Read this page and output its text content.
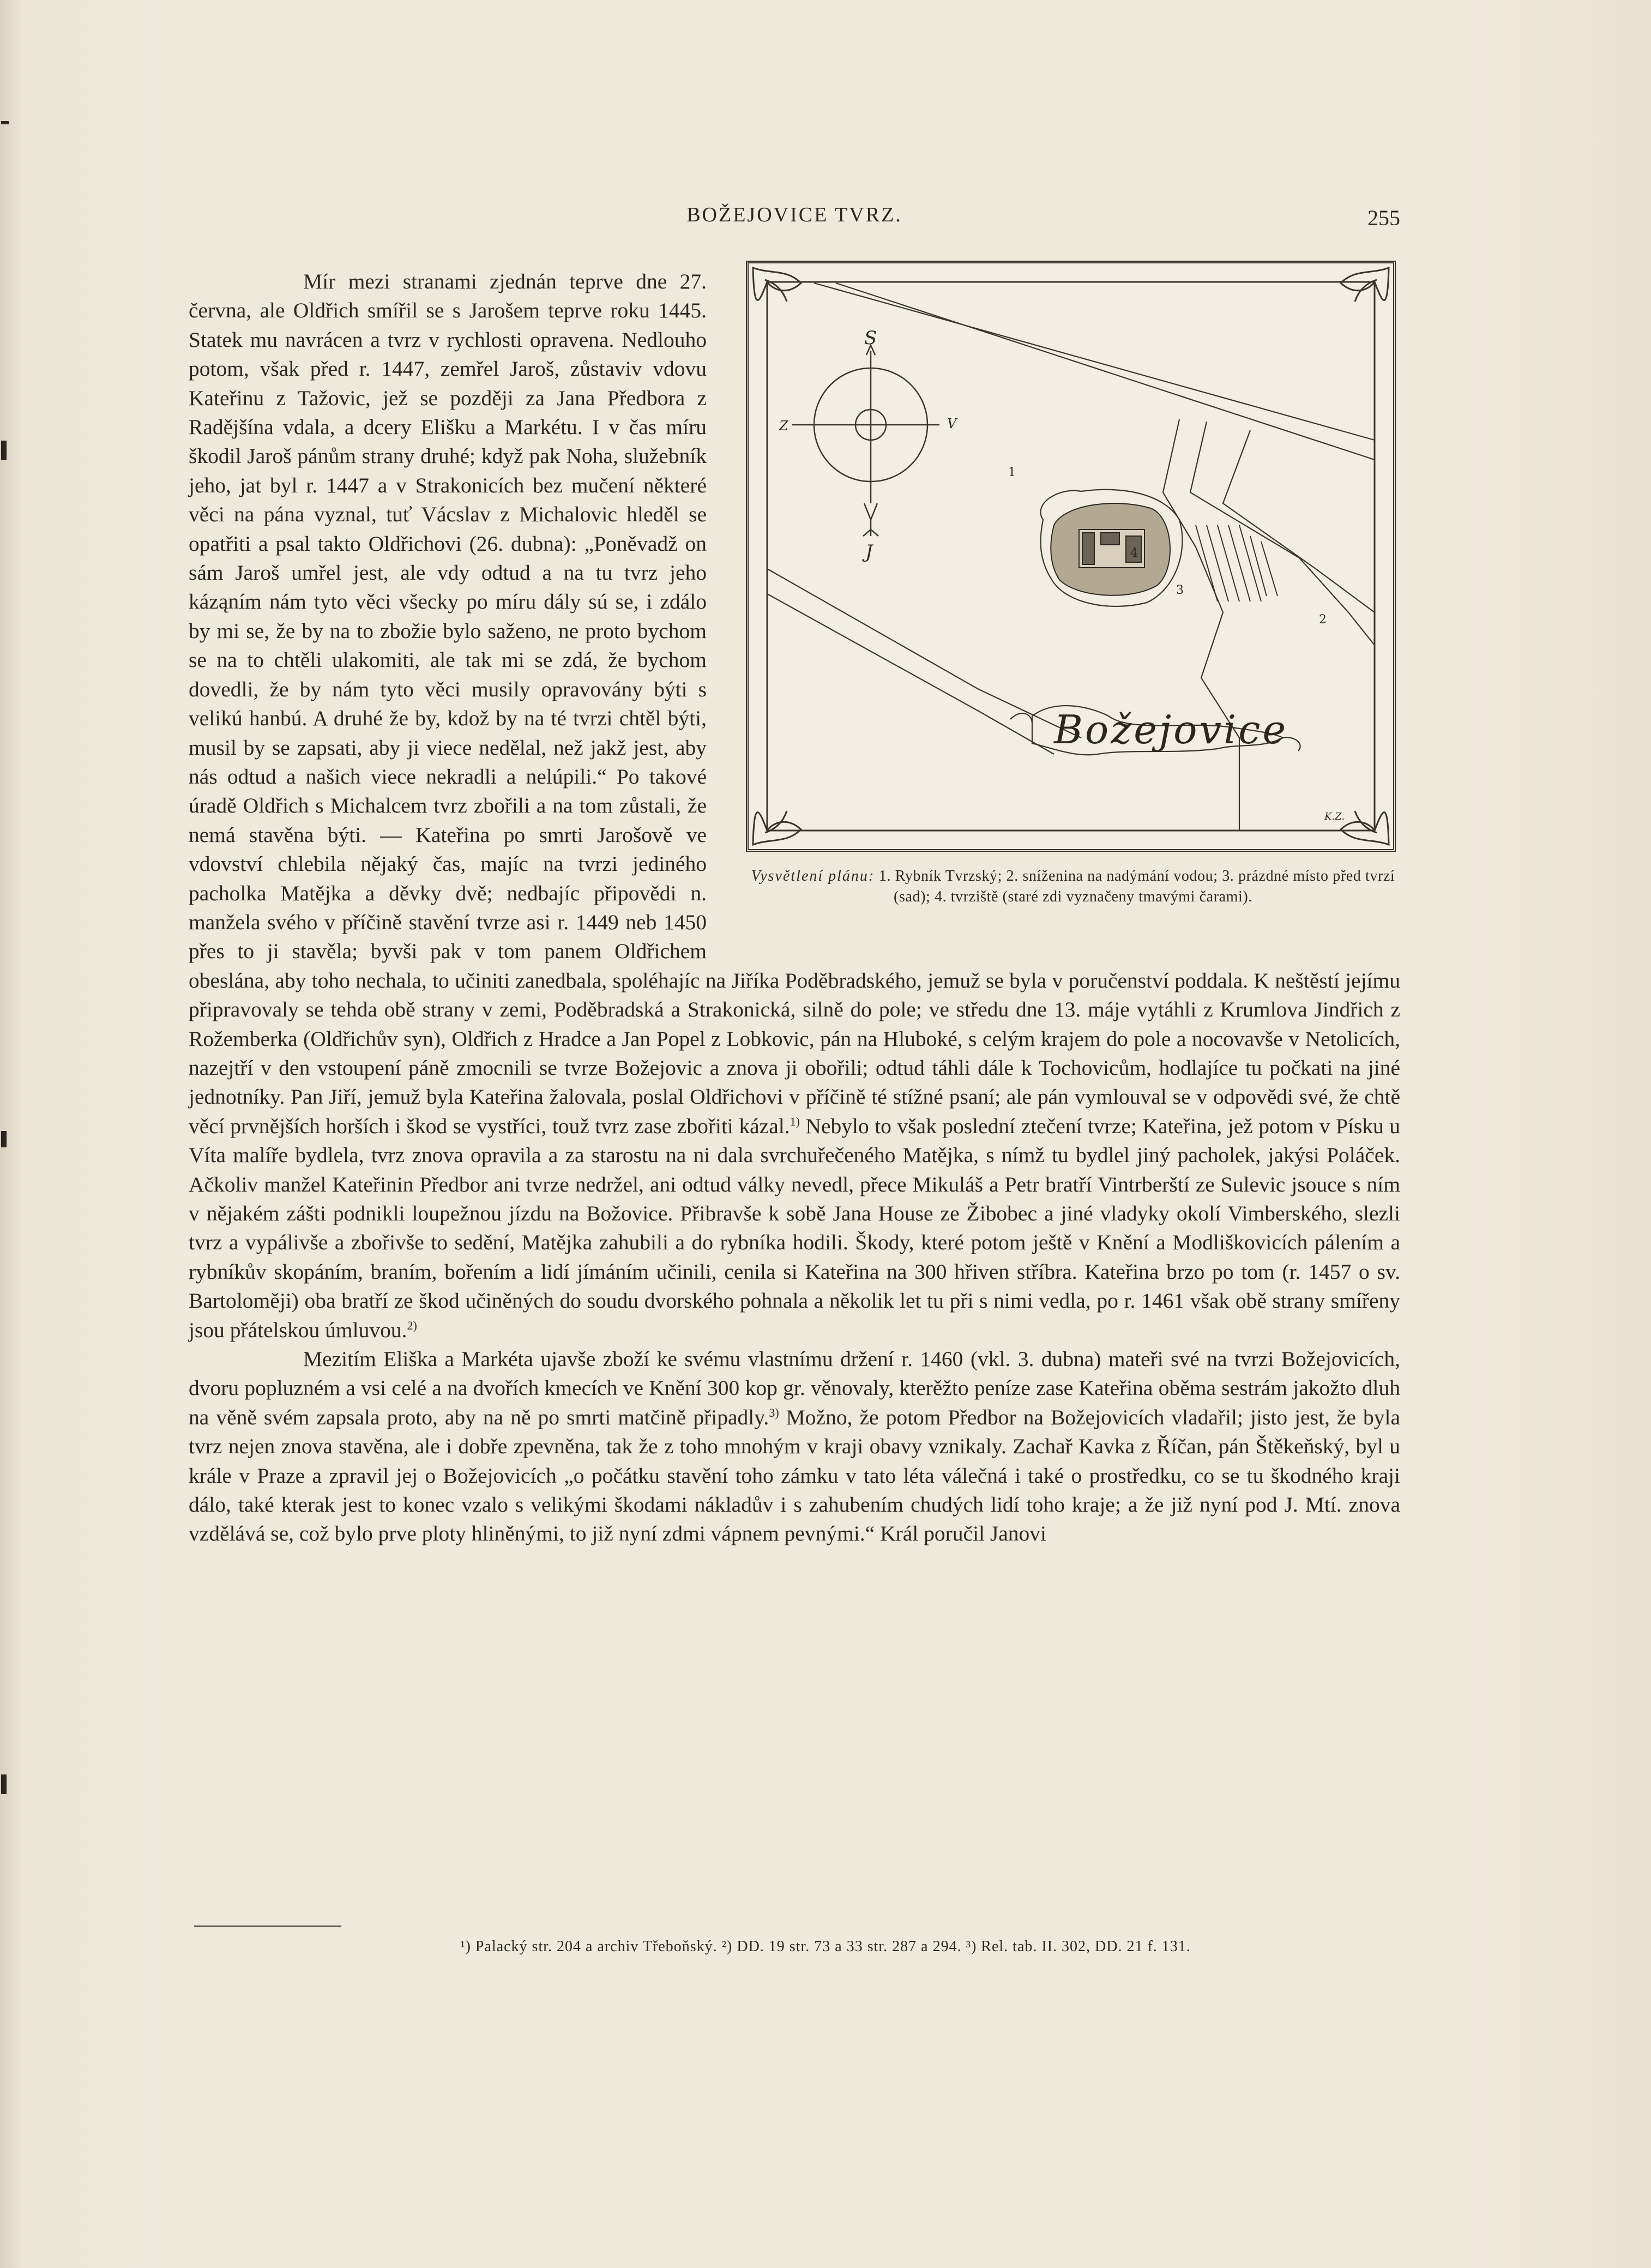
BOŽEJOVICE TVRZ.	255
S
J
Z	V
1
2
3
4
Božejovice
K.Z.
Vysvětlení plánu: 1. Rybník Tvrzský; 2. sníženina na nadýmání vodou; 3. prázdné místo před tvrzí (sad); 4. tvrziště (staré zdi vyznačeny tmavými čarami).

Mír mezi stranami zjednán teprve dne 27. června, ale Oldřich smířil se s Jarošem teprve roku 1445. Statek mu navrácen a tvrz v rychlosti opravena. Nedlouho potom, však před r. 1447, zemřel Jaroš, zůstaviv vdovu Kateřinu z Tažovic, jež se později za Jana Předbora z Radějšína vdala, a dcery Elišku a Markétu. I v čas míru škodil Jaroš pánům strany druhé; když pak Noha, služebník jeho, jat byl r. 1447 a v Strakonicích bez mučení některé věci na pána vyznal, tuť Vácslav z Michalovic hleděl se opatřiti a psal takto Oldřichovi (26. dubna): „Poněvadž on sám Jaroš umřel jest, ale vdy odtud a na tu tvrz jeho káząním nám tyto věci všecky po míru dály sú se, i zdálo by mi se, že by na to zbožie bylo saženo, ne proto bychom se na to chtěli ulakomiti, ale tak mi se zdá, že bychom dovedli, že by nám tyto věci musily opravovány býti s velikú hanbú. A druhé že by, kdož by na té tvrzi chtěl býti, musil by se zapsati, aby ji viece nedělal, než jakž jest, aby nás odtud a našich viece nekradli a nelúpili.“ Po takové úradě Oldřich s Michalcem tvrz zbořili a na tom zůstali, že nemá stavěna býti. — Kateřina po smrti Jarošově ve vdovství chlebila nějaký čas, majíc na tvrzi jediného pacholka Matějka a děvky dvě; nedbajíc připovědi n. manžela svého v příčině stavění tvrze asi r. 1449 neb 1450 přes to ji stavěla; byvši pak v tom panem Oldřichem obeslána, aby toho nechala, to učiniti zanedbala, spoléhajíc na Jiříka Poděbradského, jemuž se byla v poručenství poddala. K neštěstí jejímu připravovaly se tehda obě strany v zemi, Poděbradská a Strakonická, silně do pole; ve středu dne 13. máje vytáhli z Krumlova Jindřich z Rožemberka (Oldřichův syn), Oldřich z Hradce a Jan Popel z Lobkovic, pán na Hluboké, s celým krajem do pole a nocovavše v Netolicích, nazejtří v den vstoupení páně zmocnili se tvrze Božejovic a znova ji obořili; odtud táhli dále k Tochovicům, hodlajíce tu počkati na jiné jednotníky. Pan Jiří, jemuž byla Kateřina žalovala, poslal Oldřichovi v příčině té stížné psaní; ale pán vymlouval se v odpovědi své, že chtě věcí prvnějších horších i škod se vystříci, touž tvrz zase zbořiti kázal.$^{1)}$ Nebylo to však poslední ztečení tvrze; Kateřina, jež potom v Písku u Víta malíře bydlela, tvrz znova opravila a za starostu na ni dala svrchuřečeného Matějka, s nímž tu bydlel jiný pacholek, jakýsi Poláček. Ačkoliv manžel Kateřinin Předbor ani tvrze nedržel, ani odtud války nevedl, přece Mikuláš a Petr bratří Vintrberští ze Sulevic jsouce s ním v nějakém zášti podnikli loupežnou jízdu na Božovice. Přibravše k sobě Jana House ze Žibobec a jiné vladyky okolí Vimberského, slezli tvrz a vypálivše a zbořivše to sedění, Matějka zahubili a do rybníka hodili. Škody, které potom ještě v Knění a Modliškovicích pálením a rybníkův skopáním, braním, bořením a lidí jímáním učinili, cenila si Kateřina na 300 hřiven stříbra. Kateřina brzo po tom (r. 1457 o sv. Bartoloměji) oba bratří ze škod učiněných do soudu dvorského pohnala a několik let tu při s nimi vedla, po r. 1461 však obě strany smířeny jsou přátelskou úmluvou.$^{2)}$

Mezitím Eliška a Markéta ujavše zboží ke svému vlastnímu držení r. 1460 (vkl. 3. dubna) mateři své na tvrzi Božejovicích, dvoru popluzném a vsi celé a na dvořích kmecích ve Knění 300 kop gr. věnovaly, kterěžto peníze zase Kateřina oběma sestrám jakožto dluh na věně svém zapsala proto, aby na ně po smrti matčině připadly.$^{3)}$ Možno, že potom Předbor na Božejovicích vladařil; jisto jest, že byla tvrz nejen znova stavěna, ale i dobře zpevněna, tak že z toho mnohým v kraji obavy vznikaly. Zachař Kavka z Říčan, pán Štěkeňský, byl u krále v Praze a zpravil jej o Božejovicích „o počátku stavění toho zámku v tato léta válečná i také o prostředku, co se tu škodného kraji dálo, také kterak jest to konec vzalo s velikými škodami nákladův i s zahubením chudých lidí toho kraje; a že již nyní pod J. Mtí. znova vzdělává se, což bylo prve ploty hliněnými, to již nyní zdmi vápnem pevnými.“ Král poručil Janovi

¹) Palacký str. 204 a archiv Třeboňský. ²) DD. 19 str. 73 a 33 str. 287 a 294. ³) Rel. tab. II. 302, DD. 21 f. 131.
